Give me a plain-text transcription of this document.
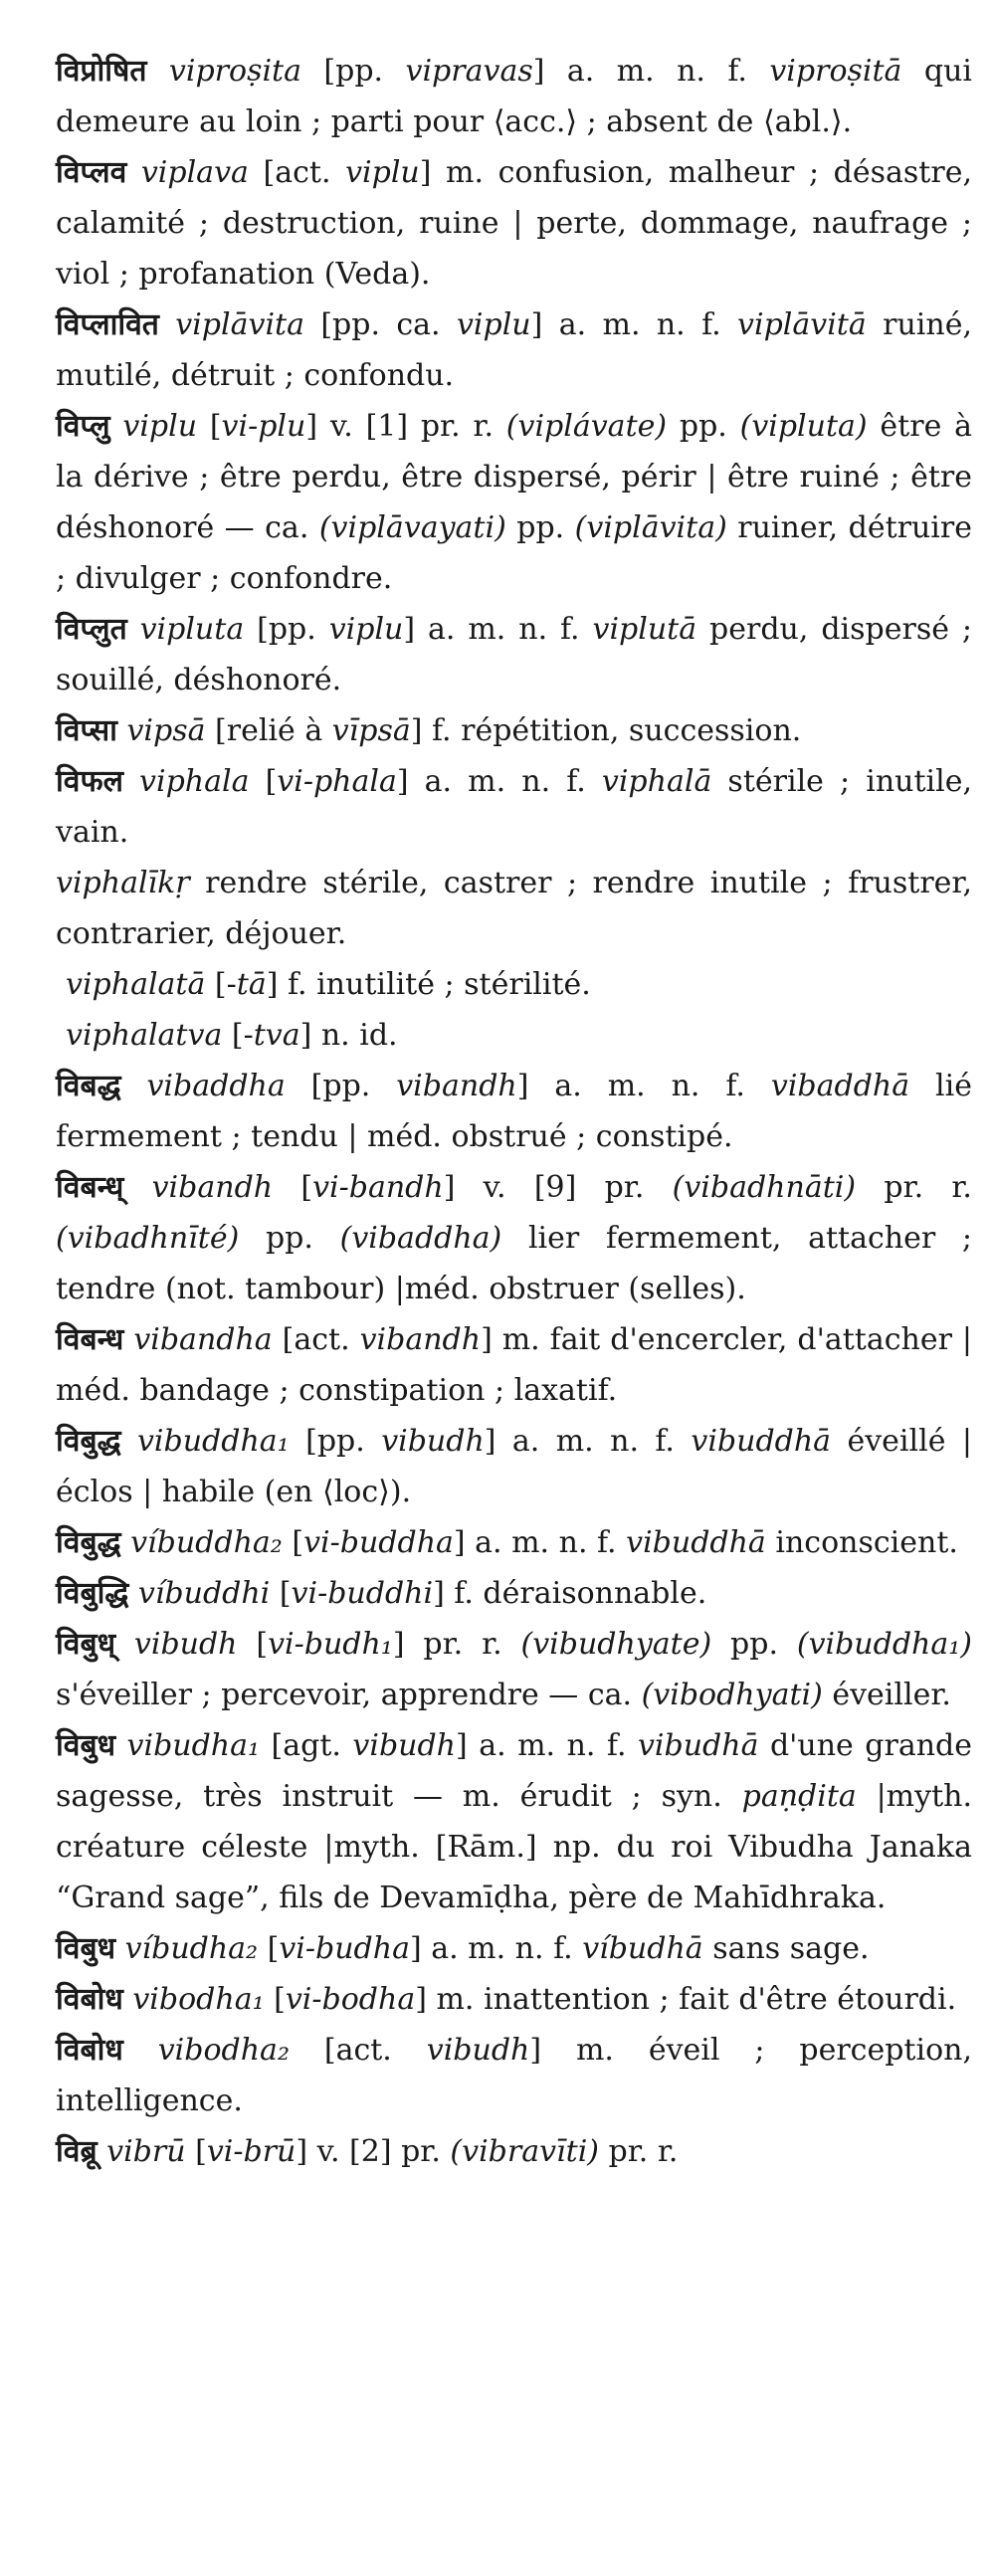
विप्रोषित viproṣita [pp. vipravas] a. m. n. f. viproṣitā qui demeure au loin ; parti pour ⟨acc.⟩ ; absent de ⟨abl.⟩.

विप्लव viplava [act. viplu] m. confusion, malheur ; désastre, calamité ; destruction, ruine | perte, dommage, naufrage ; viol ; profanation (Veda).

विप्लावित viplāvita [pp. ca. viplu] a. m. n. f. viplāvitā ruiné, mutilé, détruit ; confondu.

विप्लु viplu [vi-plu] v. [1] pr. r. (viplávate) pp. (vipluta) être à la dérive ; être perdu, être dispersé, périr | être ruiné ; être déshonoré — ca. (viplāvayati) pp. (viplāvita) ruiner, détruire ; divulger ; confondre.

विप्लुत vipluta [pp. viplu] a. m. n. f. viplutā perdu, dispersé ; souillé, déshonoré.

विप्सा vipsā [relié à vīpsā] f. répétition, succession.

विफल viphala [vi-phala] a. m. n. f. viphalā stérile ; inutile, vain.

viphalīkṛ rendre stérile, castrer ; rendre inutile ; frustrer, contrarier, déjouer.

viphalatā [-tā] f. inutilité ; stérilité.

viphalatva [-tva] n. id.

विबद्ध vibaddha [pp. vibandh] a. m. n. f. vibaddhā lié fermement ; tendu | méd. obstrué ; constipé.

विबन्ध् vibandh [vi-bandh] v. [9] pr. (vibadhnāti) pr. r. (vibadhnīté) pp. (vibaddha) lier fermement, attacher ; tendre (not. tambour) |méd. obstruer (selles).

विबन्ध vibandha [act. vibandh] m. fait d'encercler, d'attacher | méd. bandage ; constipation ; laxatif.

विबुद्ध vibuddha₁ [pp. vibudh] a. m. n. f. vibuddhā éveillé | éclos | habile (en ⟨loc⟩).

विबुद्ध víbuddha₂ [vi-buddha] a. m. n. f. vibuddhā inconscient.

विबुद्धि víbuddhi [vi-buddhi] f. déraisonnable.

विबुध् vibudh [vi-budh₁] pr. r. (vibudhyate) pp. (vibuddha₁) s'éveiller ; percevoir, apprendre — ca. (vibodhyati) éveiller.

विबुध vibudha₁ [agt. vibudh] a. m. n. f. vibudhā d'une grande sagesse, très instruit — m. érudit ; syn. paṇḍita |myth. créature céleste |myth. [Rām.] np. du roi Vibudha Janaka “Grand sage”, fils de Devamīḍha, père de Mahīdhraka.

विबुध víbudha₂ [vi-budha] a. m. n. f. víbudhā sans sage.

विबोध vibodha₁ [vi-bodha] m. inattention ; fait d'être étourdi.

विबोध vibodha₂ [act. vibudh] m. éveil ; perception, intelligence.

विब्रू vibrū [vi-brū] v. [2] pr. (vibravīti) pr. r.
